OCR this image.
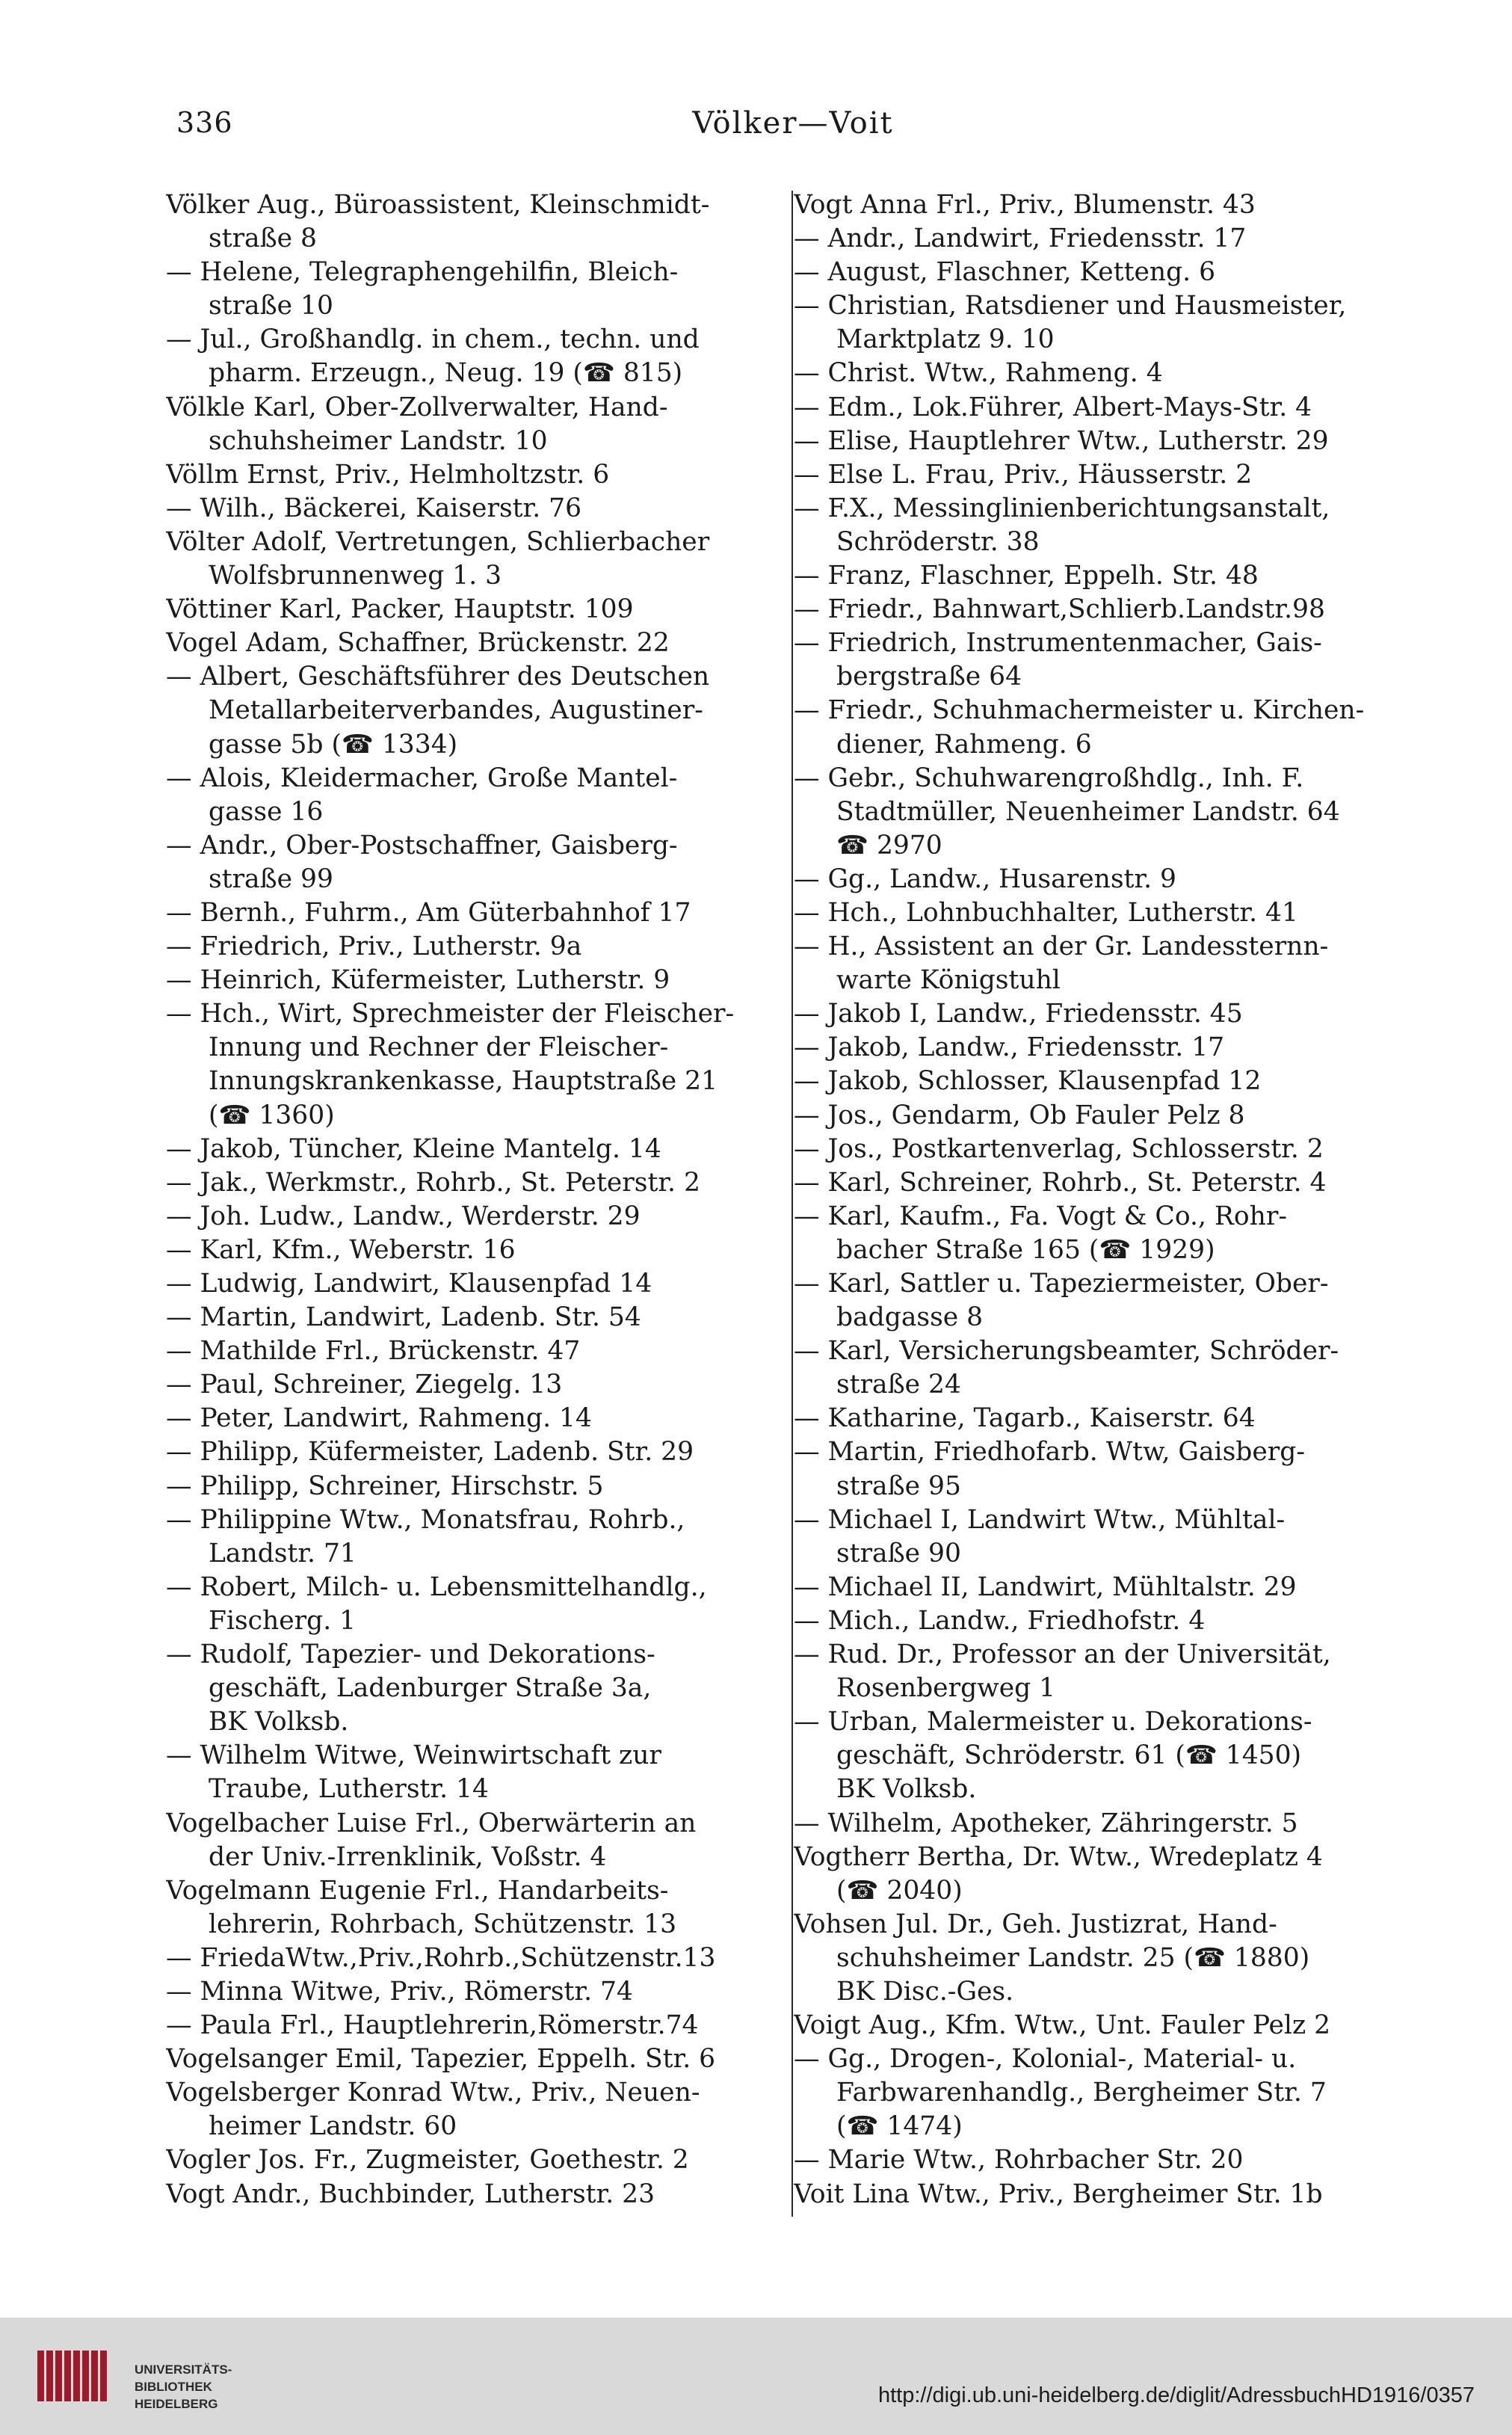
336	Völker—Voit
Völker Aug., Büroassistent, Kleinschmidt-
straße 8
— Helene, Telegraphengehilfin, Bleich-
straße 10
— Jul., Großhandlg. in chem., techn. und
pharm. Erzeugn., Neug. 19 (☎ 815)
Völkle Karl, Ober-Zollverwalter, Hand-
schuhsheimer Landstr. 10
Völlm Ernst, Priv., Helmholtzstr. 6
— Wilh., Bäckerei, Kaiserstr. 76
Völter Adolf, Vertretungen, Schlierbacher
Wolfsbrunnenweg 1. 3
Vöttiner Karl, Packer, Hauptstr. 109
Vogel Adam, Schaffner, Brückenstr. 22
— Albert, Geschäftsführer des Deutschen
Metallarbeiterverbandes, Augustiner-
gasse 5b (☎ 1334)
— Alois, Kleidermacher, Große Mantel-
gasse 16
— Andr., Ober-Postschaffner, Gaisberg-
straße 99
— Bernh., Fuhrm., Am Güterbahnhof 17
— Friedrich, Priv., Lutherstr. 9a
— Heinrich, Küfermeister, Lutherstr. 9
— Hch., Wirt, Sprechmeister der Fleischer-
Innung und Rechner der Fleischer-
Innungskrankenkasse, Hauptstraße 21
(☎ 1360)
— Jakob, Tüncher, Kleine Mantelg. 14
— Jak., Werkmstr., Rohrb., St. Peterstr. 2
— Joh. Ludw., Landw., Werderstr. 29
— Karl, Kfm., Weberstr. 16
— Ludwig, Landwirt, Klausenpfad 14
— Martin, Landwirt, Ladenb. Str. 54
— Mathilde Frl., Brückenstr. 47
— Paul, Schreiner, Ziegelg. 13
— Peter, Landwirt, Rahmeng. 14
— Philipp, Küfermeister, Ladenb. Str. 29
— Philipp, Schreiner, Hirschstr. 5
— Philippine Wtw., Monatsfrau, Rohrb.,
Landstr. 71
— Robert, Milch- u. Lebensmittelhandlg.,
Fischerg. 1
— Rudolf, Tapezier- und Dekorations-
geschäft, Ladenburger Straße 3a,
BK Volksb.
— Wilhelm Witwe, Weinwirtschaft zur
Traube, Lutherstr. 14
Vogelbacher Luise Frl., Oberwärterin an
der Univ.-Irrenklinik, Voßstr. 4
Vogelmann Eugenie Frl., Handarbeits-
lehrerin, Rohrbach, Schützenstr. 13
— FriedaWtw.,Priv.,Rohrb.,Schützenstr.13
— Minna Witwe, Priv., Römerstr. 74
— Paula Frl., Hauptlehrerin,Römerstr.74
Vogelsanger Emil, Tapezier, Eppelh. Str. 6
Vogelsberger Konrad Wtw., Priv., Neuen-
heimer Landstr. 60
Vogler Jos. Fr., Zugmeister, Goethestr. 2
Vogt Andr., Buchbinder, Lutherstr. 23
Vogt Anna Frl., Priv., Blumenstr. 43
— Andr., Landwirt, Friedensstr. 17
— August, Flaschner, Ketteng. 6
— Christian, Ratsdiener und Hausmeister,
Marktplatz 9. 10
— Christ. Wtw., Rahmeng. 4
— Edm., Lok.Führer, Albert-Mays-Str. 4
— Elise, Hauptlehrer Wtw., Lutherstr. 29
— Else L. Frau, Priv., Häusserstr. 2
— F.X., Messinglinienberichtungsanstalt,
Schröderstr. 38
— Franz, Flaschner, Eppelh. Str. 48
— Friedr., Bahnwart,Schlierb.Landstr.98
— Friedrich, Instrumentenmacher, Gais-
bergstraße 64
— Friedr., Schuhmachermeister u. Kirchen-
diener, Rahmeng. 6
— Gebr., Schuhwarengroßhdlg., Inh. F.
Stadtmüller, Neuenheimer Landstr. 64
☎ 2970
— Gg., Landw., Husarenstr. 9
— Hch., Lohnbuchhalter, Lutherstr. 41
— H., Assistent an der Gr. Landessternn-
warte Königstuhl
— Jakob I, Landw., Friedensstr. 45
— Jakob, Landw., Friedensstr. 17
— Jakob, Schlosser, Klausenpfad 12
— Jos., Gendarm, Ob Fauler Pelz 8
— Jos., Postkartenverlag, Schlosserstr. 2
— Karl, Schreiner, Rohrb., St. Peterstr. 4
— Karl, Kaufm., Fa. Vogt & Co., Rohr-
bacher Straße 165 (☎ 1929)
— Karl, Sattler u. Tapeziermeister, Ober-
badgasse 8
— Karl, Versicherungsbeamter, Schröder-
straße 24
— Katharine, Tagarb., Kaiserstr. 64
— Martin, Friedhofarb. Wtw, Gaisberg-
straße 95
— Michael I, Landwirt Wtw., Mühltal-
straße 90
— Michael II, Landwirt, Mühltalstr. 29
— Mich., Landw., Friedhofstr. 4
— Rud. Dr., Professor an der Universität,
Rosenbergweg 1
— Urban, Malermeister u. Dekorations-
geschäft, Schröderstr. 61 (☎ 1450)
BK Volksb.
— Wilhelm, Apotheker, Zähringerstr. 5
Vogtherr Bertha, Dr. Wtw., Wredeplatz 4
(☎ 2040)
Vohsen Jul. Dr., Geh. Justizrat, Hand-
schuhsheimer Landstr. 25 (☎ 1880)
BK Disc.-Ges.
Voigt Aug., Kfm. Wtw., Unt. Fauler Pelz 2
— Gg., Drogen-, Kolonial-, Material- u.
Farbwarenhandlg., Bergheimer Str. 7
(☎ 1474)
— Marie Wtw., Rohrbacher Str. 20
Voit Lina Wtw., Priv., Bergheimer Str. 1b
UNIVERSITÄTS-
BIBLIOTHEK
HEIDELBERG	http://digi.ub.uni-heidelberg.de/diglit/AdressbuchHD1916/0357
